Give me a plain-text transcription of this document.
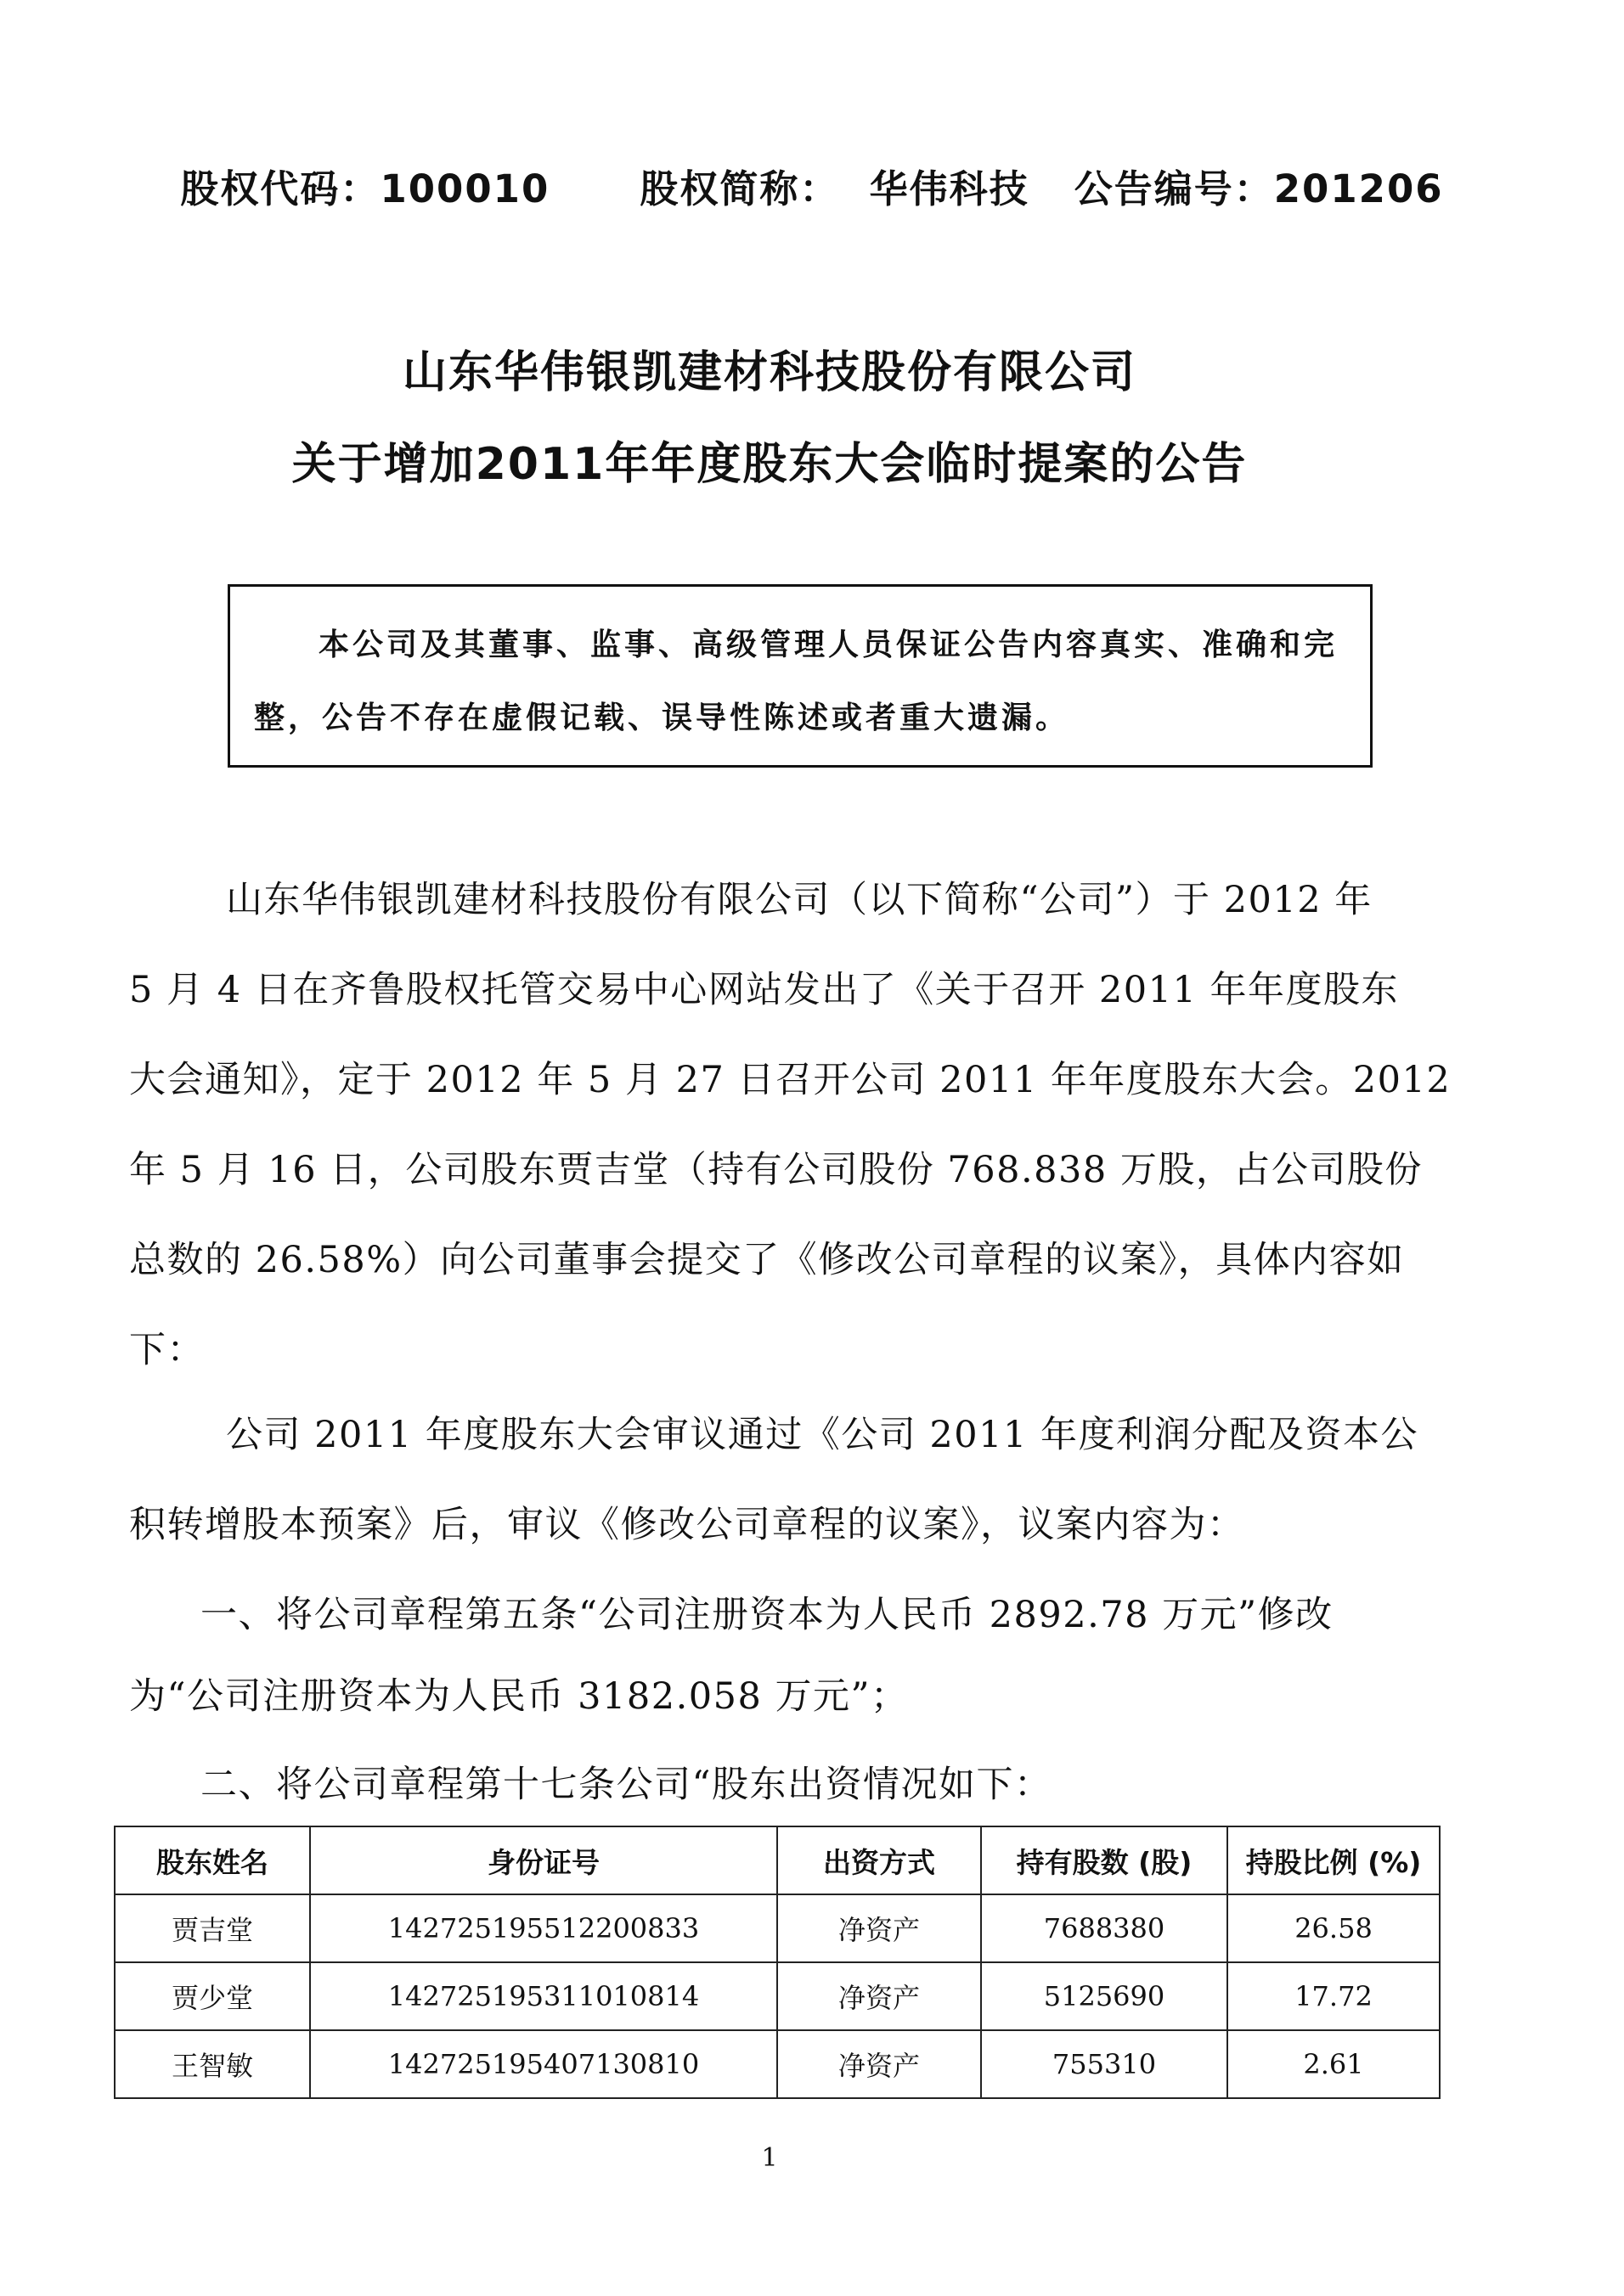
股权代码：100010 股权简称： 华伟科技 公告编号：201206
山东华伟银凯建材科技股份有限公司
关于增加2011年年度股东大会临时提案的公告
本公司及其董事、监事、高级管理人员保证公告内容真实、准确和完
整，公告不存在虚假记载、误导性陈述或者重大遗漏。
山东华伟银凯建材科技股份有限公司（以下简称“公司”）于 2012 年
5 月 4 日在齐鲁股权托管交易中心网站发出了《关于召开 2011 年年度股东
大会通知》，定于 2012 年 5 月 27 日召开公司 2011 年年度股东大会。2012
年 5 月 16 日，公司股东贾吉堂（持有公司股份 768.838 万股，占公司股份
总数的 26.58%）向公司董事会提交了《修改公司章程的议案》，具体内容如
下：
公司 2011 年度股东大会审议通过《公司 2011 年度利润分配及资本公
积转增股本预案》后，审议《修改公司章程的议案》，议案内容为：
一、将公司章程第五条“公司注册资本为人民币 2892.78 万元”修改
为“公司注册资本为人民币 3182.058 万元”；
二、将公司章程第十七条公司“股东出资情况如下：
股东姓名	身份证号	出资方式	持有股数 (股)	持股比例 (%)
贾吉堂	142725195512200833	净资产	7688380	26.58
贾少堂	142725195311010814	净资产	5125690	17.72
王智敏	142725195407130810	净资产	755310	2.61
1
